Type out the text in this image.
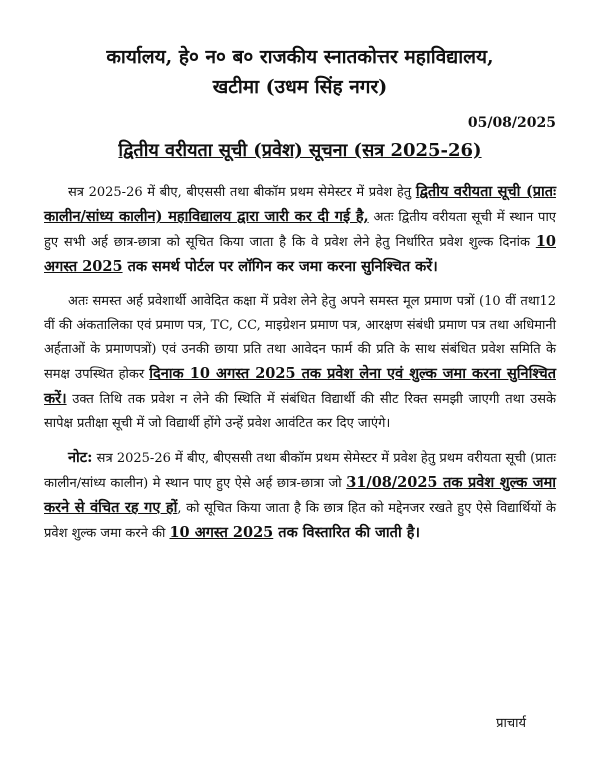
कार्यालय, हे० न० ब० राजकीय स्नातकोत्तर महाविद्यालय,
खटीमा (उधम सिंह नगर)
05/08/2025
द्वितीय वरीयता सूची (प्रवेश) सूचना (सत्र 2025-26)

सत्र 2025-26 में बीए, बीएससी तथा बीकॉम प्रथम सेमेस्टर में प्रवेश हेतु द्वितीय वरीयता सूची (प्रातः कालीन/सांध्य कालीन) महाविद्यालय द्वारा जारी कर दी गई है, अतः द्वितीय वरीयता सूची में स्थान पाए हुए सभी अर्ह छात्र-छात्रा को सूचित किया जाता है कि वे प्रवेश लेने हेतु निर्धारित प्रवेश शुल्क दिनांक 10 अगस्त 2025 तक समर्थ पोर्टल पर लॉगिन कर जमा करना सुनिश्चित करें।

अतः समस्त अर्ह प्रवेशार्थी आवेदित कक्षा में प्रवेश लेने हेतु अपने समस्त मूल प्रमाण पत्रों (10 वीं तथा12 वीं की अंकतालिका एवं प्रमाण पत्र, TC, CC, माइग्रेशन प्रमाण पत्र, आरक्षण संबंधी प्रमाण पत्र तथा अधिमानी अर्हताओं के प्रमाणपत्रों) एवं उनकी छाया प्रति तथा आवेदन फार्म की प्रति के साथ संबंधित प्रवेश समिति के समक्ष उपस्थित होकर दिनाक 10 अगस्त 2025 तक प्रवेश लेना एवं शुल्क जमा करना सुनिश्चित करें। उक्त तिथि तक प्रवेश न लेने की स्थिति में संबंधित विद्यार्थी की सीट रिक्त समझी जाएगी तथा उसके सापेक्ष प्रतीक्षा सूची में जो विद्यार्थी होंगे उन्हें प्रवेश आवंटित कर दिए जाएंगे।

नोट: सत्र 2025-26 में बीए, बीएससी तथा बीकॉम प्रथम सेमेस्टर में प्रवेश हेतु प्रथम वरीयता सूची (प्रातः कालीन/सांध्य कालीन) मे स्थान पाए हुए ऐसे अर्ह छात्र-छात्रा जो 31/08/2025 तक प्रवेश शुल्क जमा करने से वंचित रह गए हों, को सूचित किया जाता है कि छात्र हित को मद्देनजर रखते हुए ऐसे विद्यार्थियों के प्रवेश शुल्क जमा करने की 10 अगस्त 2025 तक विस्तारित की जाती है।

प्राचार्य
